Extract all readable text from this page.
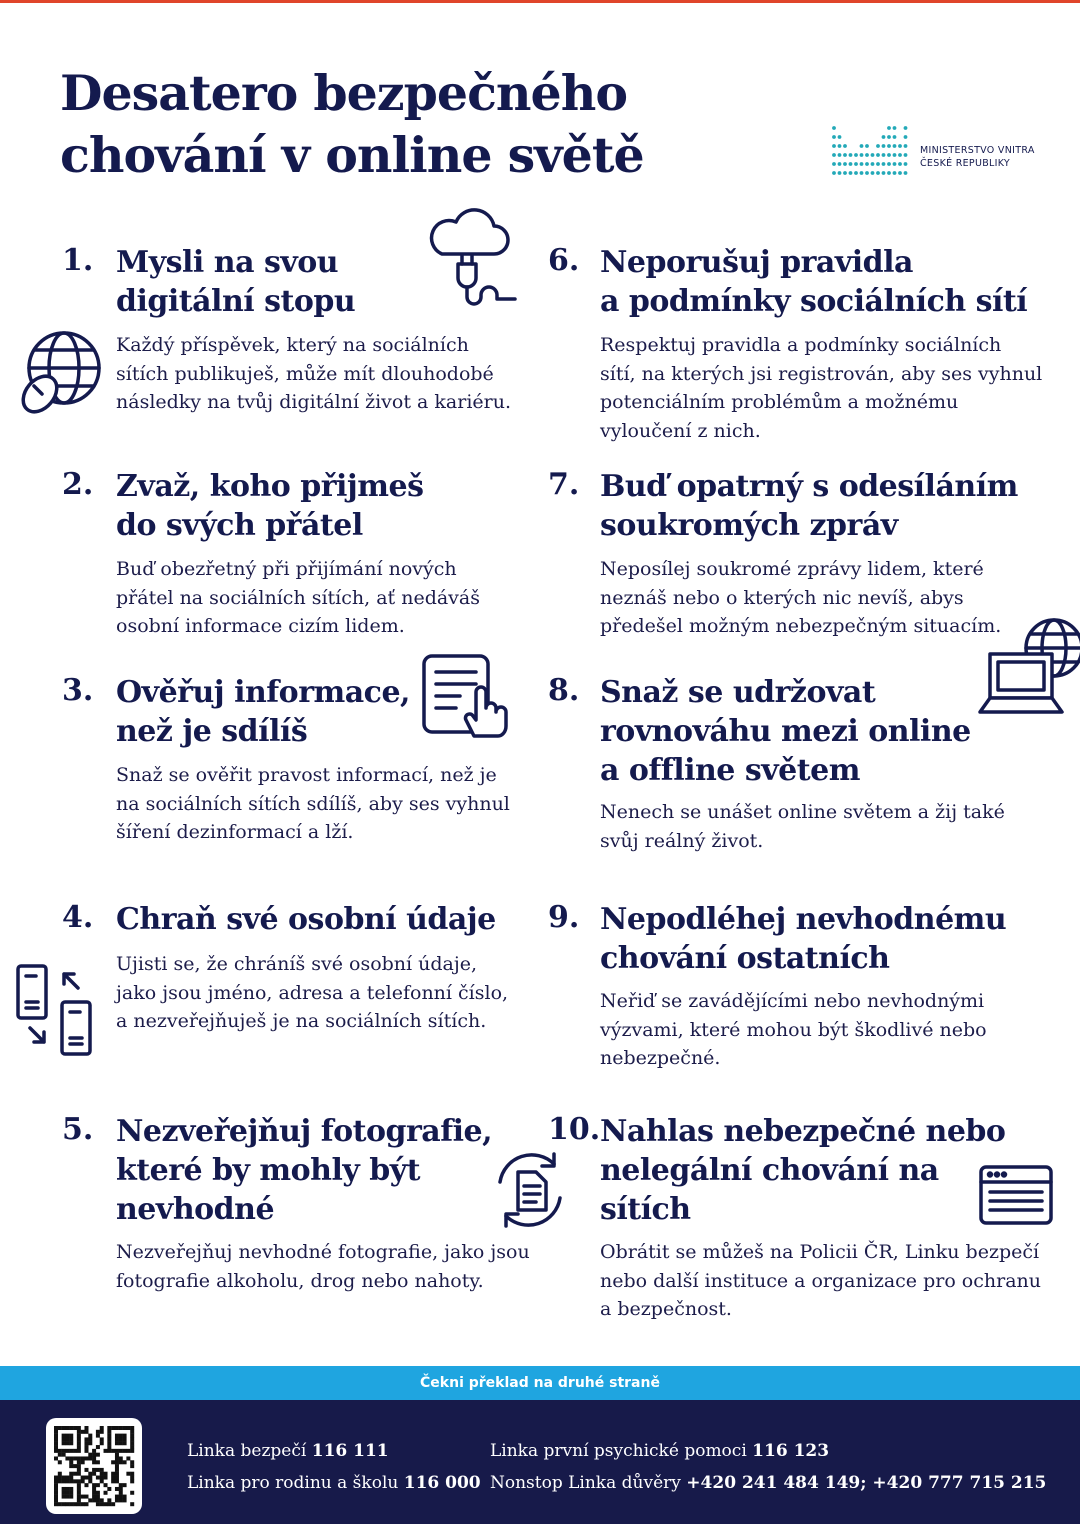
Desatero bezpečného
chování v online světě	MINISTERSTVO VNITRA
ČESKÉ REPUBLIKY
1. Mysli na svou
digitální stopu
Každý příspěvek, který na sociálních
sítích publikuješ, může mít dlouhodobé
následky na tvůj digitální život a kariéru.
2. Zvaž, koho přijmeš
do svých přátel
Buď obezřetný při přijímání nových
přátel na sociálních sítích, ať nedáváš
osobní informace cizím lidem.
3. Ověřuj informace,
než je sdílíš
Snaž se ověřit pravost informací, než je
na sociálních sítích sdílíš, aby ses vyhnul
šíření dezinformací a lží.
4. Chraň své osobní údaje
Ujisti se, že chráníš své osobní údaje,
jako jsou jméno, adresa a telefonní číslo,
a nezveřejňuješ je na sociálních sítích.
5. Nezveřejňuj fotografie,
které by mohly být
nevhodné
Nezveřejňuj nevhodné fotografie, jako jsou
fotografie alkoholu, drog nebo nahoty.
6. Neporušuj pravidla
a podmínky sociálních sítí
Respektuj pravidla a podmínky sociálních
sítí, na kterých jsi registrován, aby ses vyhnul
potenciálním problémům a možnému
vyloučení z nich.
7. Buď opatrný s odesíláním
soukromých zpráv
Neposílej soukromé zprávy lidem, které
neznáš nebo o kterých nic nevíš, abys
předešel možným nebezpečným situacím.
8. Snaž se udržovat
rovnováhu mezi online
a offline světem
Nenech se unášet online světem a žij také
svůj reálný život.
9. Nepodléhej nevhodnému
chování ostatních
Neřiď se zavádějícími nebo nevhodnými
výzvami, které mohou být škodlivé nebo
nebezpečné.
10. Nahlas nebezpečné nebo
nelegální chování na
sítích
Obrátit se můžeš na Policii ČR, Linku bezpečí
nebo další instituce a organizace pro ochranu
a bezpečnost.
Čekni překlad na druhé straně
Linka bezpečí 116 111
Linka pro rodinu a školu 116 000
Linka první psychické pomoci 116 123
Nonstop Linka důvěry +420 241 484 149; +420 777 715 215
